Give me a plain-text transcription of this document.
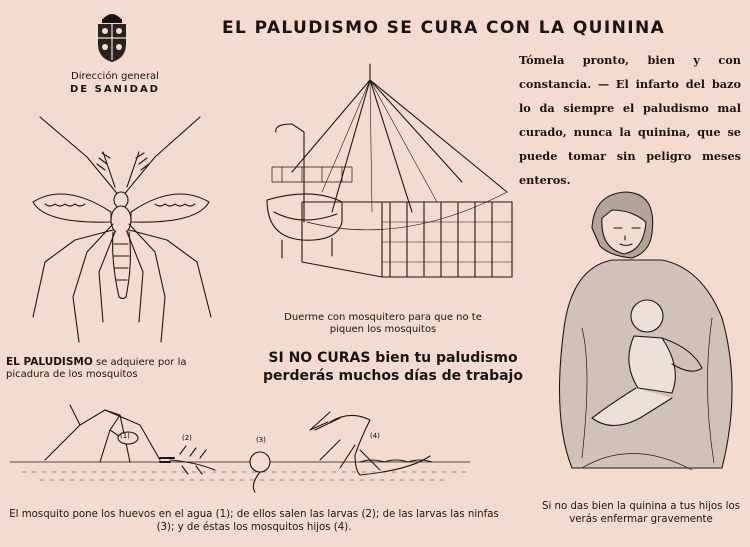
Dirección general
DE SANIDAD
EL PALUDISMO SE CURA CON LA QUININA
Tómela pronto, bien y con constancia. — El infarto del bazo lo da siempre el paludismo mal curado, nunca la quinina, que se puede tomar sin peligro meses enteros.
Duerme con mosquitero para que no te piquen los mosquitos
EL PALUDISMO se adquiere por la picadura de los mosquitos
SI NO CURAS bien tu paludismo perderás muchos días de trabajo
Si no das bien la quinina a tus hijos los verás enfermar gravemente
(1)	(2)	(3)	(4)
El mosquito pone los huevos en el agua (1); de ellos salen las larvas (2); de las larvas las ninfas (3); y de éstas los mosquitos hijos (4).
